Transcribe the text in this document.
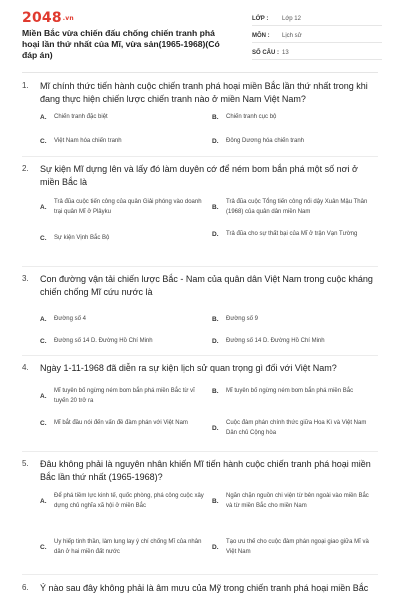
$2048^{.vn}$
Miền Bắc vừa chiến đấu chống chiến tranh phá hoại lần thứ nhất của Mĩ, vừa sản(1965-1968)(Có đáp án)
LỚP :	Lớp 12
MÔN :	Lịch sử
SỐ CÂU : 13
1.	Mĩ chính thức tiến hành cuộc chiến tranh phá hoại miền Bắc lần thứ nhất trong khi đang thực hiện chiến lược chiến tranh nào ở miền Nam Việt Nam?
A.	Chiến tranh đặc biệt	B.	Chiến tranh cục bộ
C.	Việt Nam hóa chiến tranh	D.	Đông Dương hóa chiến tranh
2.	Sự kiện Mĩ dựng lên và lấy đó làm duyên cớ để ném bom bắn phá một số nơi ở miền Bắc là
A.
Trả đũa cuộc tiến công của quân Giải phóng vào doanh trại quân Mĩ ở Plâyku
B.
Trả đũa cuộc Tổng tiến công nổi dậy Xuân Mậu Thân (1968) của quân dân miền Nam
C.	Sự kiện Vịnh Bắc Bộ
D.	Trả đũa cho sự thất bại của Mĩ ở trận Vạn Tường
3.	Con đường vận tải chiến lược Bắc - Nam của quân dân Việt Nam trong cuộc kháng chiến chống Mĩ cứu nước là
A.	Đường số 4	B.	Đường số 9
C.	Đường số 14 D. Đường Hồ Chí Minh	D.	Đường số 14 D. Đường Hồ Chí Minh
4.	Ngày 1-11-1968 đã diễn ra sự kiện lịch sử quan trọng gì đối với Việt Nam?
A.
Mĩ tuyên bố ngừng ném bom bắn phá miền Bắc từ vĩ tuyến 20 trở ra
B.	Mĩ tuyên bố ngừng ném bom bắn phá miền Bắc
C.	Mĩ bắt đầu nói đến vấn đề đàm phán với Việt Nam
D.
Cuộc đàm phán chính thức giữa Hoa Kì và Việt Nam Dân chủ Cộng hòa
5.	Đâu không phải là nguyên nhân khiến Mĩ tiến hành cuộc chiến tranh phá hoại miền Bắc lần thứ nhất (1965-1968)?
A.
Để phá tiềm lực kinh tế, quốc phòng, phá công cuộc xây dựng chủ nghĩa xã hội ở miền Bắc
B.
Ngăn chặn nguồn chi viện từ bên ngoài vào miền Bắc và từ miền Bắc cho miền Nam
C.
Uy hiếp tinh thần, làm lung lay ý chí chống Mĩ của nhân dân ở hai miền đất nước
D.
Tạo ưu thế cho cuộc đàm phán ngoại giao giữa Mĩ và Việt Nam
6.	Ý nào sau đây không phải là âm mưu của Mỹ trong chiến tranh phá hoại miền Bắc
